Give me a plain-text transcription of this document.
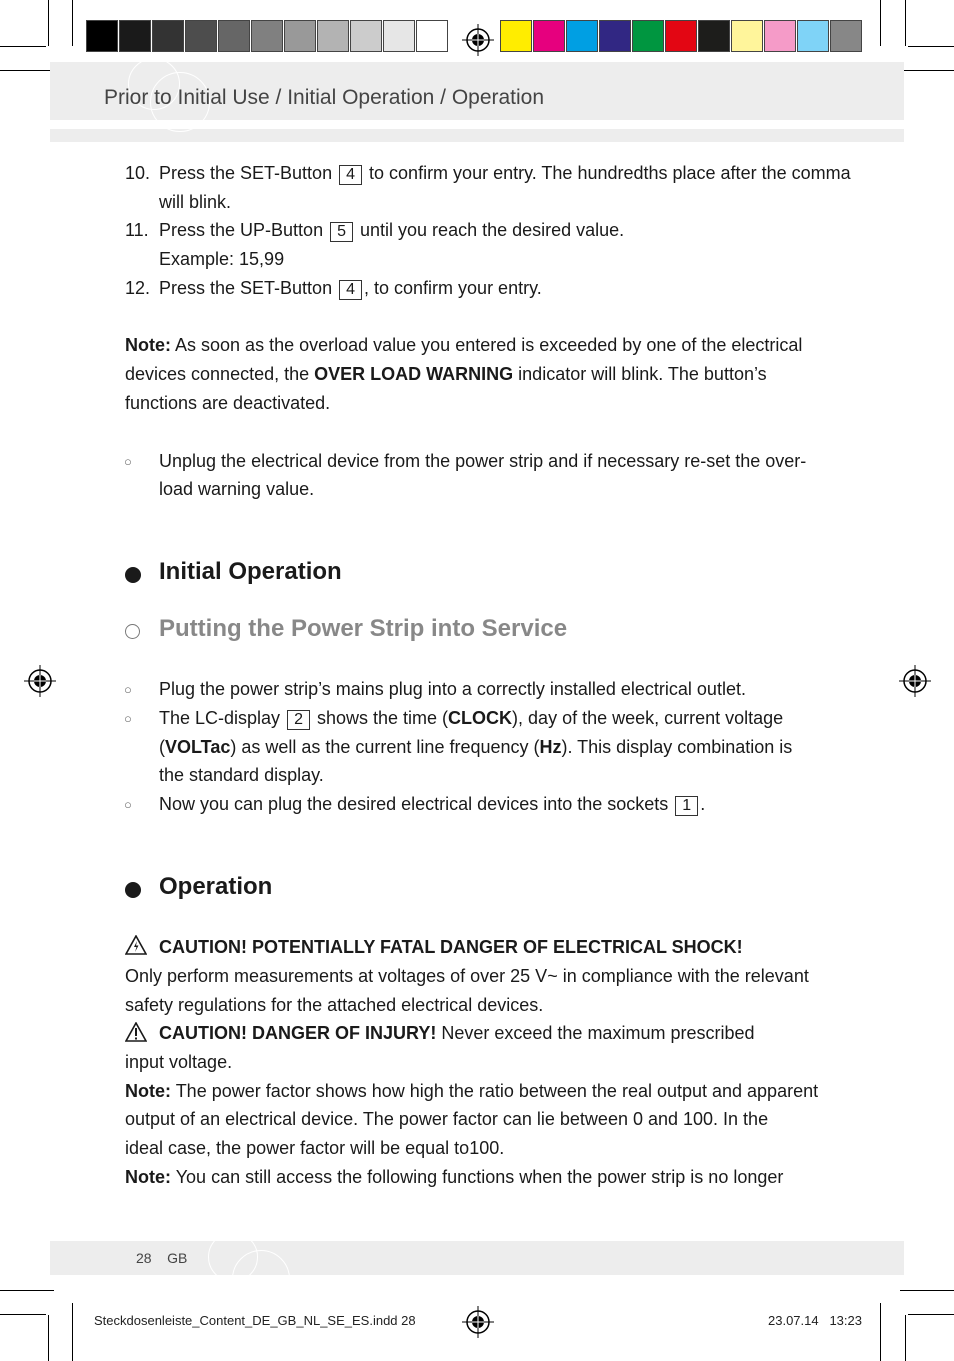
Prior to Initial Use / Initial Operation / Operation
10. Press the SET-Button 4 to confirm your entry. The hundredths place after the comma
will blink.
11. Press the UP-Button 5 until you reach the desired value.
Example: 15,99
12. Press the SET-Button 4 , to confirm your entry.
Note: As soon as the overload value you entered is exceeded by one of the electrical
devices connected, the OVER LOAD WARNING indicator will blink. The button’s
functions are deactivated.
○ Unplug the electrical device from the power strip and if necessary re-set the over-
load warning value.
Initial Operation
Putting the Power Strip into Service
○ Plug the power strip’s mains plug into a correctly installed electrical outlet.
○ The LC-display 2 shows the time (CLOCK), day of the week, current voltage
(VOLTac) as well as the current line frequency (Hz). This display combination is
the standard display.
○ Now you can plug the desired electrical devices into the sockets 1 .
Operation
CAUTION! POTENTIALLY FATAL DANGER OF ELECTRICAL SHOCK!
Only perform measurements at voltages of over 25 V~ in compliance with the relevant
safety regulations for the attached electrical devices.
CAUTION! DANGER OF INJURY! Never exceed the maximum prescribed
input voltage.
Note: The power factor shows how high the ratio between the real output and apparent
output of an electrical device. The power factor can lie between 0 and 100. In the
ideal case, the power factor will be equal to100.
Note: You can still access the following functions when the power strip is no longer
28 GB
Steckdosenleiste_Content_DE_GB_NL_SE_ES.indd 28	23.07.14 13:23
